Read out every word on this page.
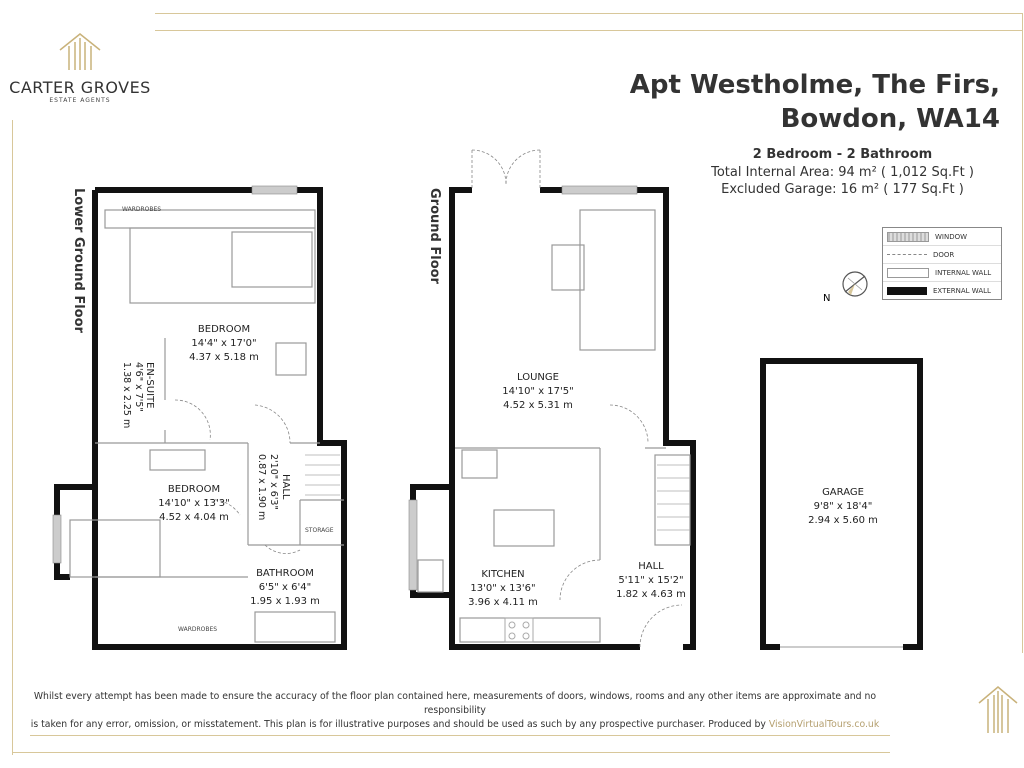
CARTER GROVES
ESTATE AGENTS
Apt Westholme, The Firs,
Bowdon, WA14
2 Bedroom - 2 Bathroom
Total Internal Area: 94 m² ( 1,012 Sq.Ft )
Excluded Garage: 16 m² ( 177 Sq.Ft )
WINDOW
DOOR
INTERNAL WALL
EXTERNAL WALL
N
Lower Ground Floor	WARDROBES
WARDROBES
STORAGE
BEDROOM
14'4" x 17'0"
4.37 x 5.18 m
EN-SUITE
4'6" x 7'5"
1.38 x 2.25 m
BEDROOM
14'10" x 13'3"
4.52 x 4.04 m
HALL
2'10" x 6'3"
0.87 x 1.90 m
BATHROOM
6'5" x 6'4"
1.95 x 1.93 m
Ground Floor
LOUNGE
14'10" x 17'5"
4.52 x 5.31 m
KITCHEN
13'0" x 13'6"
3.96 x 4.11 m
HALL
5'11" x 15'2"
1.82 x 4.63 m
GARAGE
9'8" x 18'4"
2.94 x 5.60 m
Whilst every attempt has been made to ensure the accuracy of the floor plan contained here, measurements of doors, windows, rooms and any other items are approximate and no responsibility
is taken for any error, omission, or misstatement. This plan is for illustrative purposes and should be used as such by any prospective purchaser. Produced by VisionVirtualTours.co.uk
